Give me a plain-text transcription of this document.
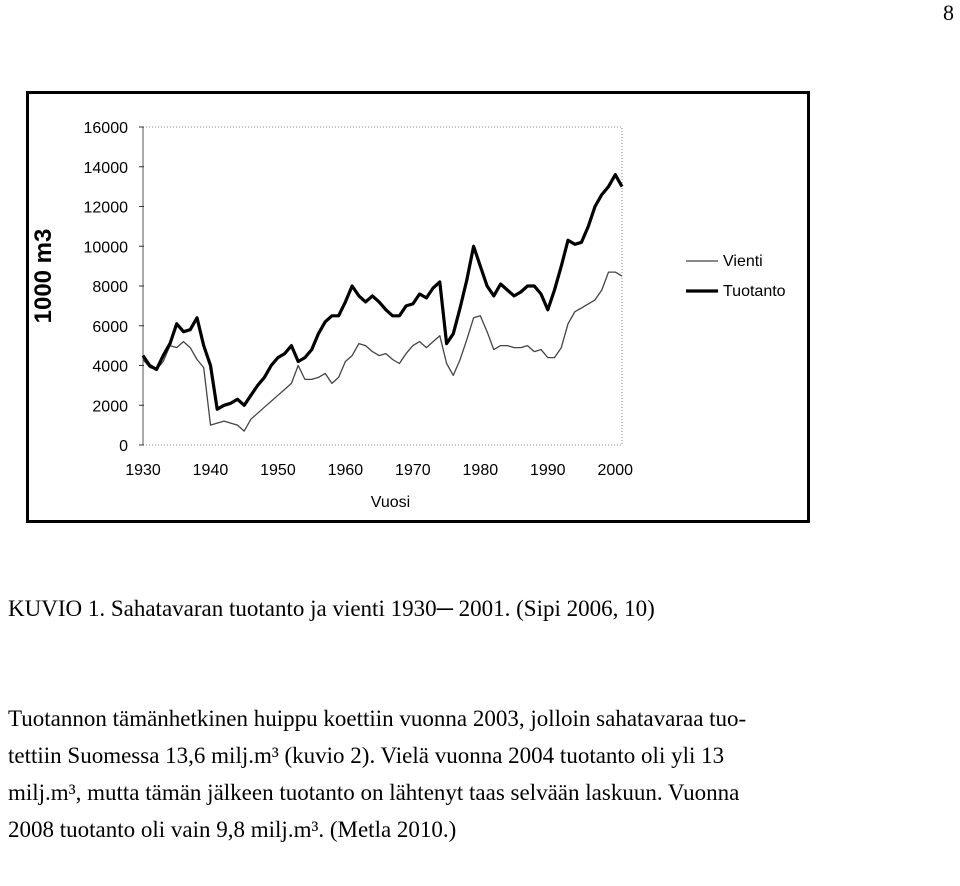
8
0
2000
4000
6000
8000
10000
12000
14000
16000
1930 1940 1950 1960 1970 1980 1990 2000
Vuosi
1000 m3	Vienti
Tuotanto
KUVIO 1. Sahatavaran tuotanto ja vienti 1930─ 2001. (Sipi 2006, 10)
Tuotannon tämänhetkinen huippu koettiin vuonna 2003, jolloin sahatavaraa tuo-
tettiin Suomessa 13,6 milj.m³ (kuvio 2). Vielä vuonna 2004 tuotanto oli yli 13
milj.m³, mutta tämän jälkeen tuotanto on lähtenyt taas selvään laskuun. Vuonna
2008 tuotanto oli vain 9,8 milj.m³. (Metla 2010.)
